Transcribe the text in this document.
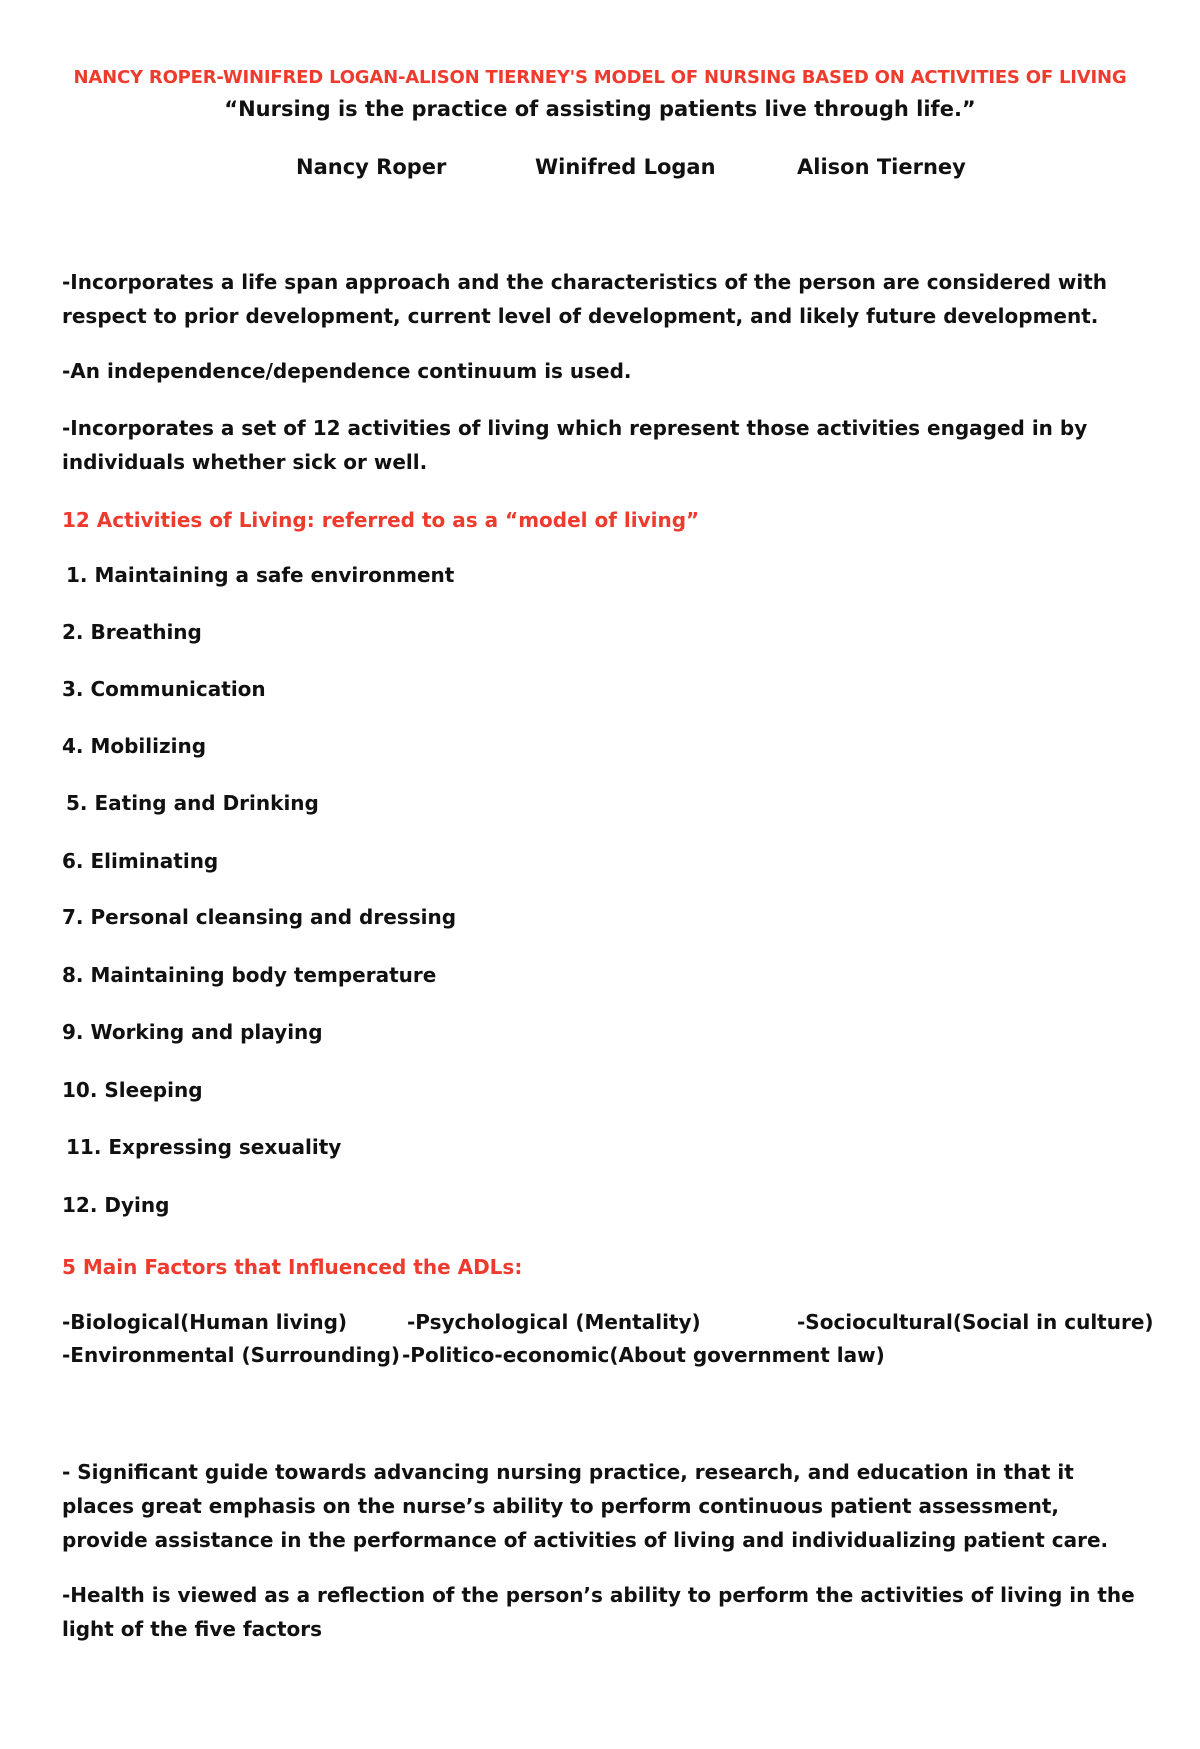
NANCY ROPER-WINIFRED LOGAN-ALISON TIERNEY'S MODEL OF NURSING BASED ON ACTIVITIES OF LIVING
“Nursing is the practice of assisting patients live through life.”
Nancy Roper	Winifred Logan	Alison Tierney
-Incorporates a life span approach and the characteristics of the person are considered with respect to prior development, current level of development, and likely future development.
-An independence/dependence continuum is used.
-Incorporates a set of 12 activities of living which represent those activities engaged in by individuals whether sick or well.
12 Activities of Living: referred to as a “model of living”
1. Maintaining a safe environment
2. Breathing
3. Communication
4. Mobilizing
5. Eating and Drinking
6. Eliminating
7. Personal cleansing and dressing
8. Maintaining body temperature
9. Working and playing
10. Sleeping
11. Expressing sexuality
12. Dying
5 Main Factors that Influenced the ADLs:
-Biological(Human living)	-Psychological (Mentality)	-Sociocultural(Social in culture)
-Environmental (Surrounding) -Politico-economic(About government law)
- Significant guide towards advancing nursing practice, research, and education in that it places great emphasis on the nurse’s ability to perform continuous patient assessment, provide assistance in the performance of activities of living and individualizing patient care.
-Health is viewed as a reflection of the person’s ability to perform the activities of living in the light of the five factors
